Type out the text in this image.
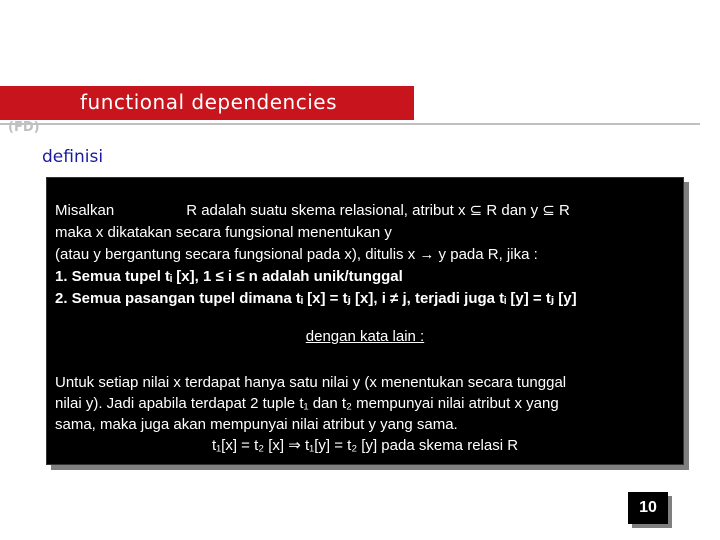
functional dependencies
(FD)
definisi
Misalkan	R adalah suatu skema relasional, atribut x ⊆ R dan y ⊆ R
maka x dikatakan secara fungsional menentukan y
(atau y bergantung secara fungsional pada x), ditulis x → y pada R, jika :
1. Semua tupel tᵢ [x], 1 ≤ i ≤ n adalah unik/tunggal
2. Semua pasangan tupel dimana tᵢ [x] = tⱼ [x], i ≠ j, terjadi juga tᵢ [y] = tⱼ [y]
dengan kata lain :
Untuk setiap nilai x terdapat hanya satu nilai y (x menentukan secara tunggal
nilai y). Jadi apabila terdapat 2 tuple t₁ dan t₂ mempunyai nilai atribut x yang
sama, maka juga akan mempunyai nilai atribut y yang sama.

t₁[x] = t₂ [x] ⇒ t₁[y] = t₂ [y] pada skema relasi R
10
